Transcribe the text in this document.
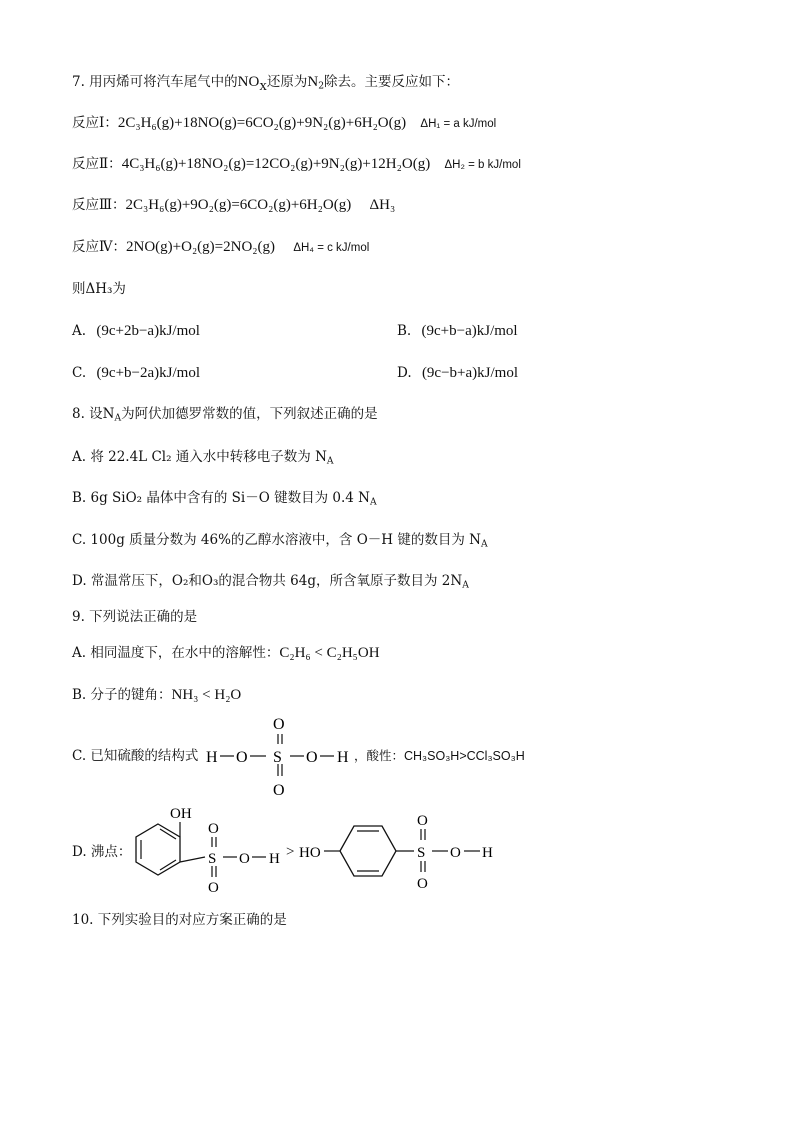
7. 用丙烯可将汽车尾气中的$NO_x$还原为$N_2$除去。主要反应如下：
反应Ⅰ：2C₃H₆(g)+18NO(g)=6CO₂(g)+9N₂(g)+6H₂O(g) ΔH₁ = a kJ/mol
反应Ⅱ：4C₃H₆(g)+18NO₂(g)=12CO₂(g)+9N₂(g)+12H₂O(g) ΔH₂ = b kJ/mol
反应Ⅲ：2C₃H₆(g)+9O₂(g)=6CO₂(g)+6H₂O(g) ΔH₃
反应Ⅳ：2NO(g)+O₂(g)=2NO₂(g) ΔH₄ = c kJ/mol
则ΔH₃为
A. (9c+2b−a)kJ/mol	B. (9c+b−a)kJ/mol
C. (9c+b−2a)kJ/mol	D. (9c−b+a)kJ/mol
8. 设$N_A$为阿伏加德罗常数的值，下列叙述正确的是
A. 将 22.4L Cl₂ 通入水中转移电子数为 $N_A$
B. 6g SiO₂ 晶体中含有的 Si－O 键数目为 0.4 $N_A$
C. 100g 质量分数为 46%的乙醇水溶液中，含 O－H 键的数目为 $N_A$
D. 常温常压下，O₂和O₃的混合物共 64g，所含氧原子数目为 $2N_A$
9. 下列说法正确的是
A. 相同温度下，在水中的溶解性：C₂H₆ < C₂H₅OH
B. 分子的键角：NH₃ < H₂O
C. 已知硫酸的结构式 H O S O H
O
O
，酸性：CH₃SO₃H>CCl₃SO₃H
D. 沸点：
OH
S
O
O
O H > HO	S
O
O
O H
10. 下列实验目的对应方案正确的是
